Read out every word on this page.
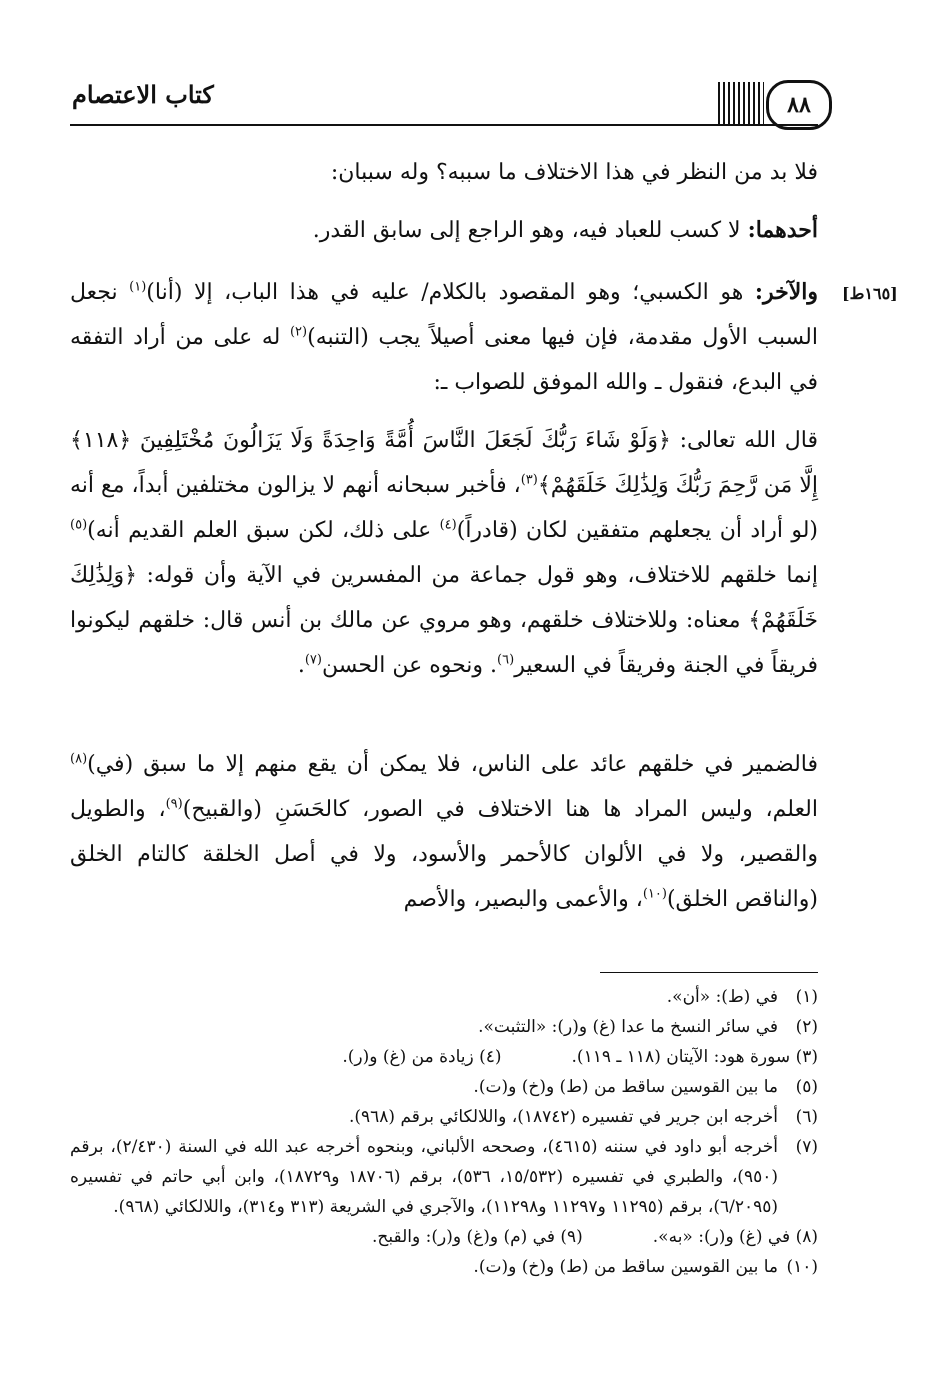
كتاب الاعتصام	٨٨
[١٦٥ط]
فلا بد من النظر في هذا الاختلاف ما سببه؟ وله سببان:
أحدهما: لا كسب للعباد فيه، وهو الراجع إلى سابق القدر.
والآخر: هو الكسبي؛ وهو المقصود بالكلام/ عليه في هذا الباب، إلا (أنا)$^{(١)}$ نجعل السبب الأول مقدمة، فإن فيها معنى أصيلاً يجب (التنبه)$^{(٢)}$ له على من أراد التفقه في البدع، فنقول ـ والله الموفق للصواب ـ:
قال الله تعالى: ﴿وَلَوْ شَاءَ رَبُّكَ لَجَعَلَ النَّاسَ أُمَّةً وَاحِدَةً وَلَا يَزَالُونَ مُخْتَلِفِينَ ﴿١١٨﴾ إِلَّا مَن رَّحِمَ رَبُّكَ وَلِذَٰلِكَ خَلَقَهُمْ﴾$^{(٣)}$، فأخبر سبحانه أنهم لا يزالون مختلفين أبداً، مع أنه (لو أراد أن يجعلهم متفقين لكان (قادراً)$^{(٤)}$ على ذلك، لكن سبق العلم القديم أنه)$^{(٥)}$ إنما خلقهم للاختلاف، وهو قول جماعة من المفسرين في الآية وأن قوله: ﴿وَلِذَٰلِكَ خَلَقَهُمْ﴾ معناه: وللاختلاف خلقهم، وهو مروي عن مالك بن أنس قال: خلقهم ليكونوا فريقاً في الجنة وفريقاً في السعير$^{(٦)}$. ونحوه عن الحسن$^{(٧)}$.
فالضمير في خلقهم عائد على الناس، فلا يمكن أن يقع منهم إلا ما سبق (في)$^{(٨)}$ العلم، وليس المراد ها هنا الاختلاف في الصور، كالحَسَنِ (والقبيح)$^{(٩)}$، والطويل والقصير، ولا في الألوان كالأحمر والأسود، ولا في أصل الخلقة كالتام الخلق (والناقص الخلق)$^{(١٠)}$، والأعمى والبصير، والأصم
(١)
في (ط): «أن».
(٢)
في سائر النسخ ما عدا (غ) و(ر): «التثبت».
(٣) سورة هود: الآيتان (١١٨ ـ ١١٩).
(٤) زيادة من (غ) و(ر).
(٥)
ما بين القوسين ساقط من (ط) و(خ) و(ت).
(٦)
أخرجه ابن جرير في تفسيره (١٨٧٤٢)، واللالكائي برقم (٩٦٨).
(٧)
أخرجه أبو داود في سننه (٤٦١٥)، وصححه الألباني، وبنحوه أخرجه عبد الله في السنة (٢/٤٣٠)، برقم (٩٥٠)، والطبري في تفسيره (١٥/٥٣٢، ٥٣٦)، برقم (١٨٧٠٦ و١٨٧٢٩)، وابن أبي حاتم في تفسيره (٦/٢٠٩٥)، برقم (١١٢٩٥ و١١٢٩٧ و١١٢٩٨)، والآجري في الشريعة (٣١٣ و٣١٤)، واللالكائي (٩٦٨).
(٨) في (غ) و(ر): «به».
(٩) في (م) و(غ) و(ر): والقبح.
(١٠)
ما بين القوسين ساقط من (ط) و(خ) و(ت).
